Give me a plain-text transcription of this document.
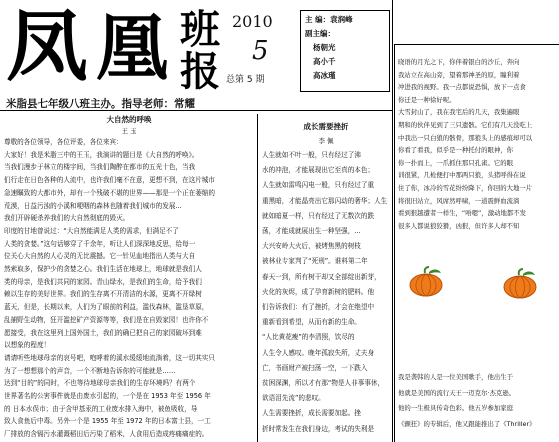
凤 凰 班
报
2010
5
总第 5 期
主 编：袁润峰
副主编：
杨朝光
高小千
高冰瑾
米脂县七年级八班主办。指导老师：常耀
大自然的呼唤
王 玉
尊敬的各位领导，各位评委，各位来宾：
大家好！我是米脂三中的王玉，我演讲的题目是《大自然的呼唤》。
当我们漫步于林立的楼宇间，当我们陶醉在都市的五光十色，当我
们行走在日色各种的人流中，也许我们毫不在意，更想不到，在这片城市
急速瞩致的大都市外，却有一个残破不堪的世界——那是一个正在萎缩的
荒漠，日益污浊的小溪和哽咽的森林也随着我们城市的发展...
我们开辟硬杀养我们的大自然彻底的毁灭。
印度的甘地曾说过：“大自然能满足人类的需求，但满足不了
人类的贪婪。”这句话够穿了千余年，听让人们深深地反思，给每一
位关心大自然的人心灵的无比震撼。它一针见血地指出人类与大自
然索取多，保护少的贪婪之心。我们生活在地球上，地球就是我们人
类的母亲，是我们共同的家园。青山绿水，是我们的生命，给予我们
赖以生存的美好世界。我们的生存离不开清洁的水源，更离不开绿树
蓝天，但是，长期以来，人们为了眼前的利益，滥伐森林，滥垦草原，
乱捕野生动物，狂开滥挖矿产资源等等，我们是在自毁家园！也许你不
愿接受，我在这里列上国外国土，我们的确已把自己的家园破坏到难
以想象的程度！
请请听些地球母亲的哀号吧，咆哮着的溪水缓缓地流淌着，这一切其实只
为了一想想那个的声音，一个不断地告诉你的可能就是……
达到“目的”的同时，不也等待地球母亲我们的生存环境吗？有两个
世界著名的公害事件就是由废水引起的，一个是在 1953 年至 1956 年
的 日本水俣市；由于含甲基汞的工业废水排入海中，被鱼吸收，导
致人食鱼后中毒。另外一个是 1955 年至 1972 年的日本富士县，一工
厂排放的含镉污水灌溉稻田后污染了稻米，人食用后造成疼痛痛症的。
成长需要挫折
李 佩
人生就如不叶一般，只有经过了沸
水的冲泡，才能展现出它至真的本色；
人生就如雷鸣闪电一般，只有经过了重
重黑暗，才能晶亮出它那闪动的奢华；人生
就如暗夏一样，只有经过了无数次的跌
荡，才能成就展出生一种坚强，...
大兴安岭大火后，被烤焦黑的树枝
被林业专家判了“死刑”。谁料第二年
春天一到，所有树干却又全部绽出新芽，
火化的灰烬，成了孕育新树的肥料。他
们告诉我们：有了挫折，才会在绝望中
重新看到希望，从而有新的生命。
“人比黄花瘦”的李清照，饮尽的
人生令人感叹。晚年孤寂失所，丈夫身
亡，书画财产被扫荡一空，一下跌入
贫困深渊，所以才有那“物是人非事事休，
欲语泪先流”的悲叹。
人生需要挫折，成长需要加起。挫
折时常发生在我们身边，考试的失利是
晓语的月光之下，你伴着银白的沙丘，奔向
我站立在高山旁，望着那神圣的原，瞳利着
冲进我的视野。我一点都说恐惧，放下一点食
你迁是一种徐好呢。
大雪封山了，我在我宅后的几天，我集遍眼
期和的伙伴见到了三只遗骸。它们有几天没吃上
中我出一只白狼的骸骨，那狼头上的感痕却可以
你看了看我，似乎是一种托付的眼神，你
你一扑而上，一爪抓住那只孔雀。它的眼
训很紧，几枪便打中那两只狼，头猪呼得在说
住了你，冰冷的雪花纷纷降下，你回的大地一片
将很旧站立，风席然呼啸，一道震鲜血流淌
看到狠越遭者一样生，“唔嗯”，激动地都不发
很多人都说狼狡猾，凶狠，但许多人却不知
我是袭韩的人是一位美国歌手，他出生于
他就是美国的流行天王一迈克尔·杰克逊。
他的一生极具传奇色彩。他五岁参加家庭
《颤狂》的专辑后，他又跟能推出了《Thriller》
